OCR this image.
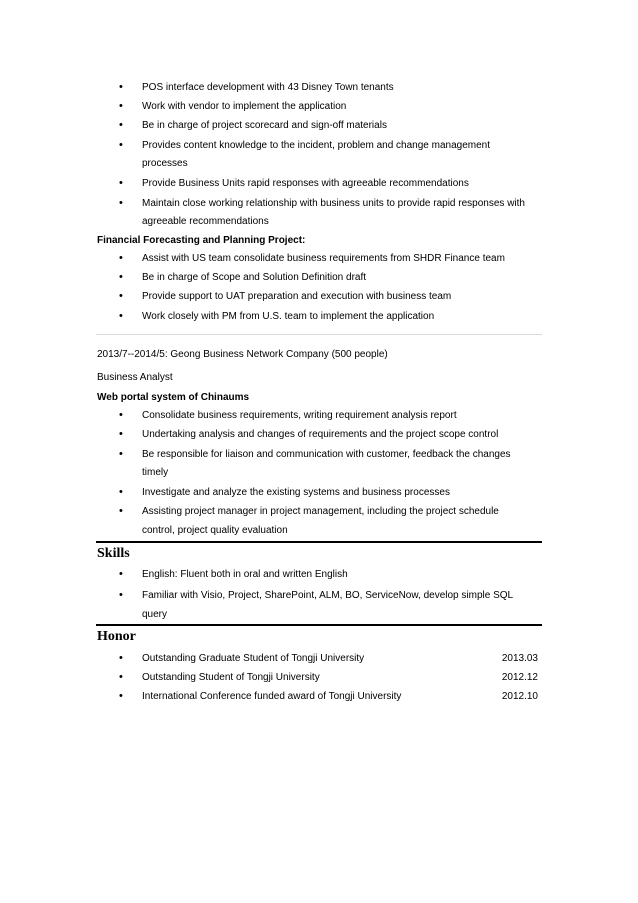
• POS interface development with 43 Disney Town tenants
• Work with vendor to implement the application
• Be in charge of project scorecard and sign-off materials
• Provides content knowledge to the incident, problem and change management
processes
• Provide Business Units rapid responses with agreeable recommendations
• Maintain close working relationship with business units to provide rapid responses with
agreeable recommendations
Financial Forecasting and Planning Project:
• Assist with US team consolidate business requirements from SHDR Finance team
• Be in charge of Scope and Solution Definition draft
• Provide support to UAT preparation and execution with business team
• Work closely with PM from U.S. team to implement the application
2013/7--2014/5: Geong Business Network Company (500 people)
Business Analyst
Web portal system of Chinaums
• Consolidate business requirements, writing requirement analysis report
• Undertaking analysis and changes of requirements and the project scope control
• Be responsible for liaison and communication with customer, feedback the changes
timely
• Investigate and analyze the existing systems and business processes
• Assisting project manager in project management, including the project schedule
control, project quality evaluation
Skills
• English: Fluent both in oral and written English
• Familiar with Visio, Project, SharePoint, ALM, BO, ServiceNow, develop simple SQL
query
Honor
• Outstanding Graduate Student of Tongji University	2013.03
• Outstanding Student of Tongji University	2012.12
• International Conference funded award of Tongji University	2012.10
